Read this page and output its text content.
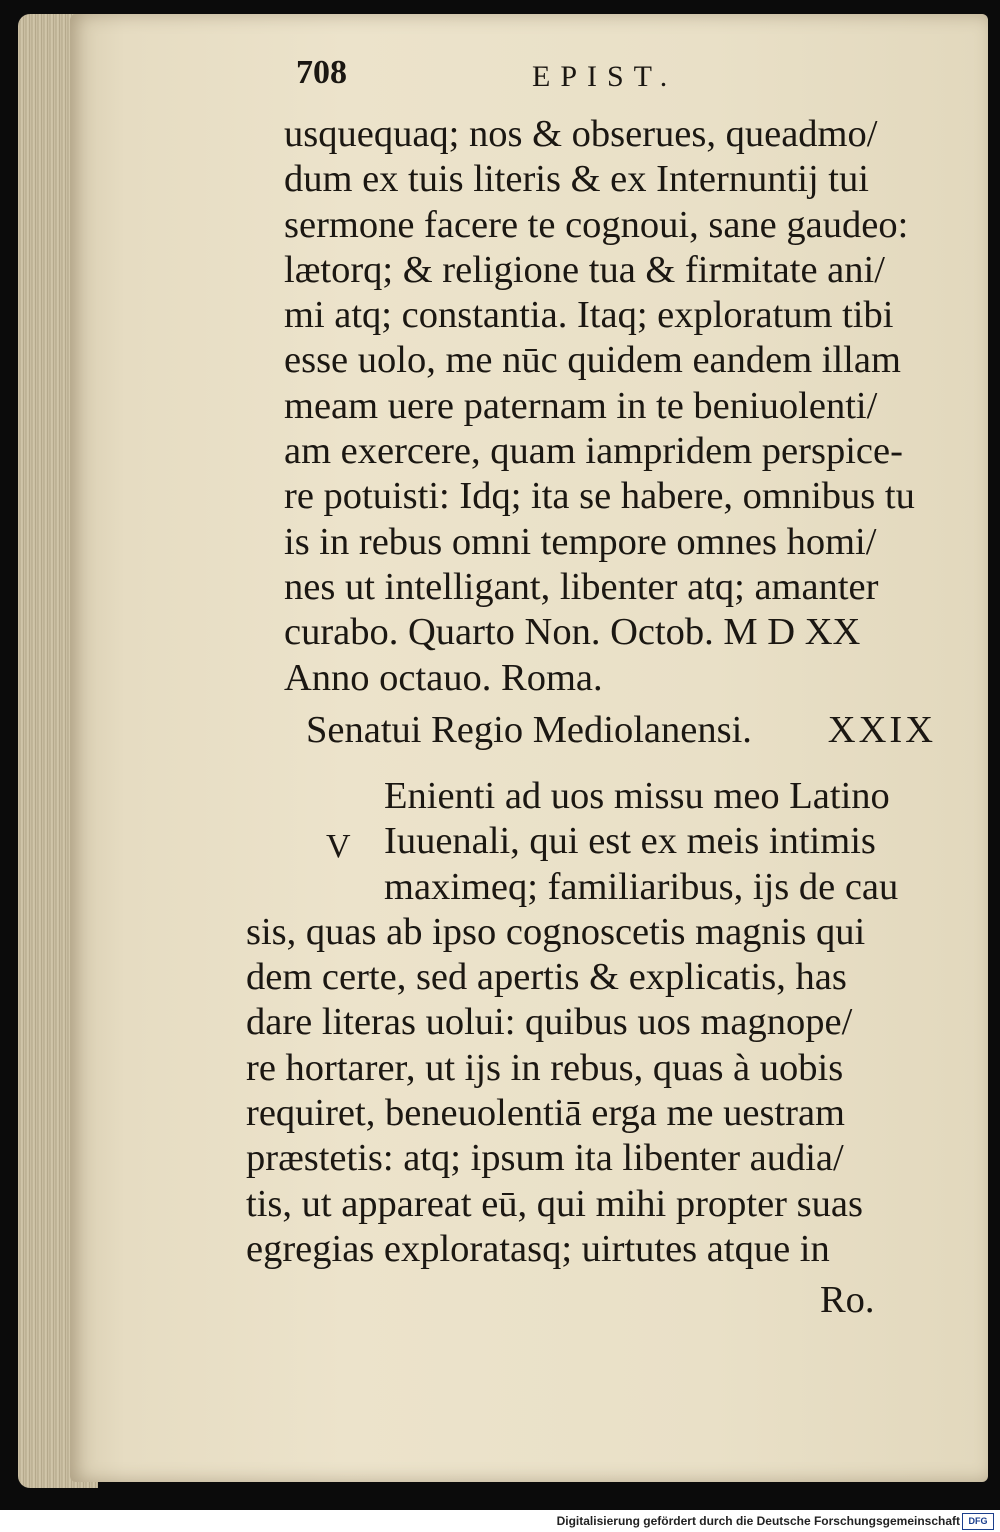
708	EPIST.
usquequaq; nos & obserues, queadmo/
dum ex tuis literis & ex Internuntij tui
sermone facere te cognoui, sane gaudeo:
lætorq; & religione tua & firmitate ani/
mi atq; constantia. Itaq; exploratum tibi
esse uolo, me nūc quidem eandem illam
meam uere paternam in te beniuolenti/
am exercere, quam iampridem perspice-
re potuisti: Idq; ita se habere, omnibus tu
is in rebus omni tempore omnes homi/
nes ut intelligant, libenter atq; amanter
curabo. Quarto Non. Octob. M D XX
Anno octauo. Roma.
Senatui Regio Mediolanensi. XXIX
V
Enienti ad uos missu meo Latino
Iuuenali, qui est ex meis intimis
maximeq; familiaribus, ijs de cau
sis, quas ab ipso cognoscetis magnis qui
dem certe, sed apertis & explicatis, has
dare literas uolui: quibus uos magnope/
re hortarer, ut ijs in rebus, quas à uobis
requiret, beneuolentiā erga me uestram
præstetis: atq; ipsum ita libenter audia/
tis, ut appareat eū, qui mihi propter suas
egregias exploratasq; uirtutes atque in
Ro.
Digitalisierung gefördert durch die Deutsche Forschungsgemeinschaft DFG
